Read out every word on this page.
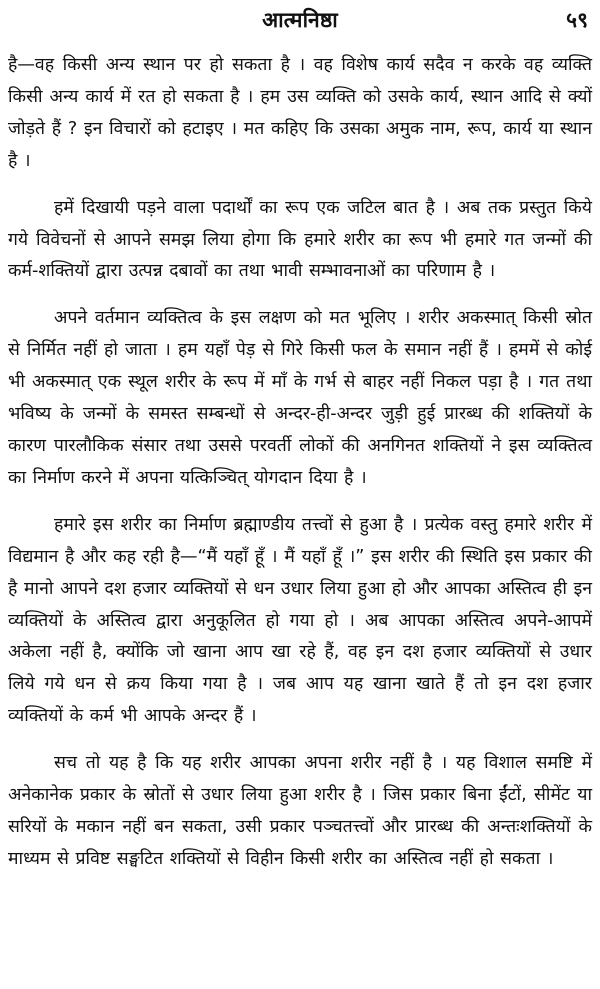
आत्मनिष्ठा	५९

है—वह किसी अन्य स्थान पर हो सकता है । वह विशेष कार्य सदैव न करके वह व्यक्ति किसी अन्य कार्य में रत हो सकता है । हम उस व्यक्ति को उसके कार्य, स्थान आदि से क्यों जोड़ते हैं ? इन विचारों को हटाइए । मत कहिए कि उसका अमुक नाम, रूप, कार्य या स्थान है ।

हमें दिखायी पड़ने वाला पदार्थों का रूप एक जटिल बात है । अब तक प्रस्तुत किये गये विवेचनों से आपने समझ लिया होगा कि हमारे शरीर का रूप भी हमारे गत जन्मों की कर्म-शक्तियों द्वारा उत्पन्न दबावों का तथा भावी सम्भावनाओं का परिणाम है ।

अपने वर्तमान व्यक्तित्व के इस लक्षण को मत भूलिए । शरीर अकस्मात् किसी स्रोत से निर्मित नहीं हो जाता । हम यहाँ पेड़ से गिरे किसी फल के समान नहीं हैं । हममें से कोई भी अकस्मात् एक स्थूल शरीर के रूप में माँ के गर्भ से बाहर नहीं निकल पड़ा है । गत तथा भविष्य के जन्मों के समस्त सम्बन्धों से अन्दर-ही-अन्दर जुड़ी हुई प्रारब्ध की शक्तियों के कारण पारलौकिक संसार तथा उससे परवर्ती लोकों की अनगिनत शक्तियों ने इस व्यक्तित्व का निर्माण करने में अपना यत्किञ्चित् योगदान दिया है ।

हमारे इस शरीर का निर्माण ब्रह्माण्डीय तत्त्वों से हुआ है । प्रत्येक वस्तु हमारे शरीर में विद्यमान है और कह रही है—“मैं यहाँ हूँ । मैं यहाँ हूँ ।” इस शरीर की स्थिति इस प्रकार की है मानो आपने दश हजार व्यक्तियों से धन उधार लिया हुआ हो और आपका अस्तित्व ही इन व्यक्तियों के अस्तित्व द्वारा अनुकूलित हो गया हो । अब आपका अस्तित्व अपने-आपमें अकेला नहीं है, क्योंकि जो खाना आप खा रहे हैं, वह इन दश हजार व्यक्तियों से उधार लिये गये धन से क्रय किया गया है । जब आप यह खाना खाते हैं तो इन दश हजार व्यक्तियों के कर्म भी आपके अन्दर हैं ।

सच तो यह है कि यह शरीर आपका अपना शरीर नहीं है । यह विशाल समष्टि में अनेकानेक प्रकार के स्रोतों से उधार लिया हुआ शरीर है । जिस प्रकार बिना ईंटों, सीमेंट या सरियों के मकान नहीं बन सकता, उसी प्रकार पञ्चतत्त्वों और प्रारब्ध की अन्तःशक्तियों के माध्यम से प्रविष्ट सङ्घटित शक्तियों से विहीन किसी शरीर का अस्तित्व नहीं हो सकता ।
